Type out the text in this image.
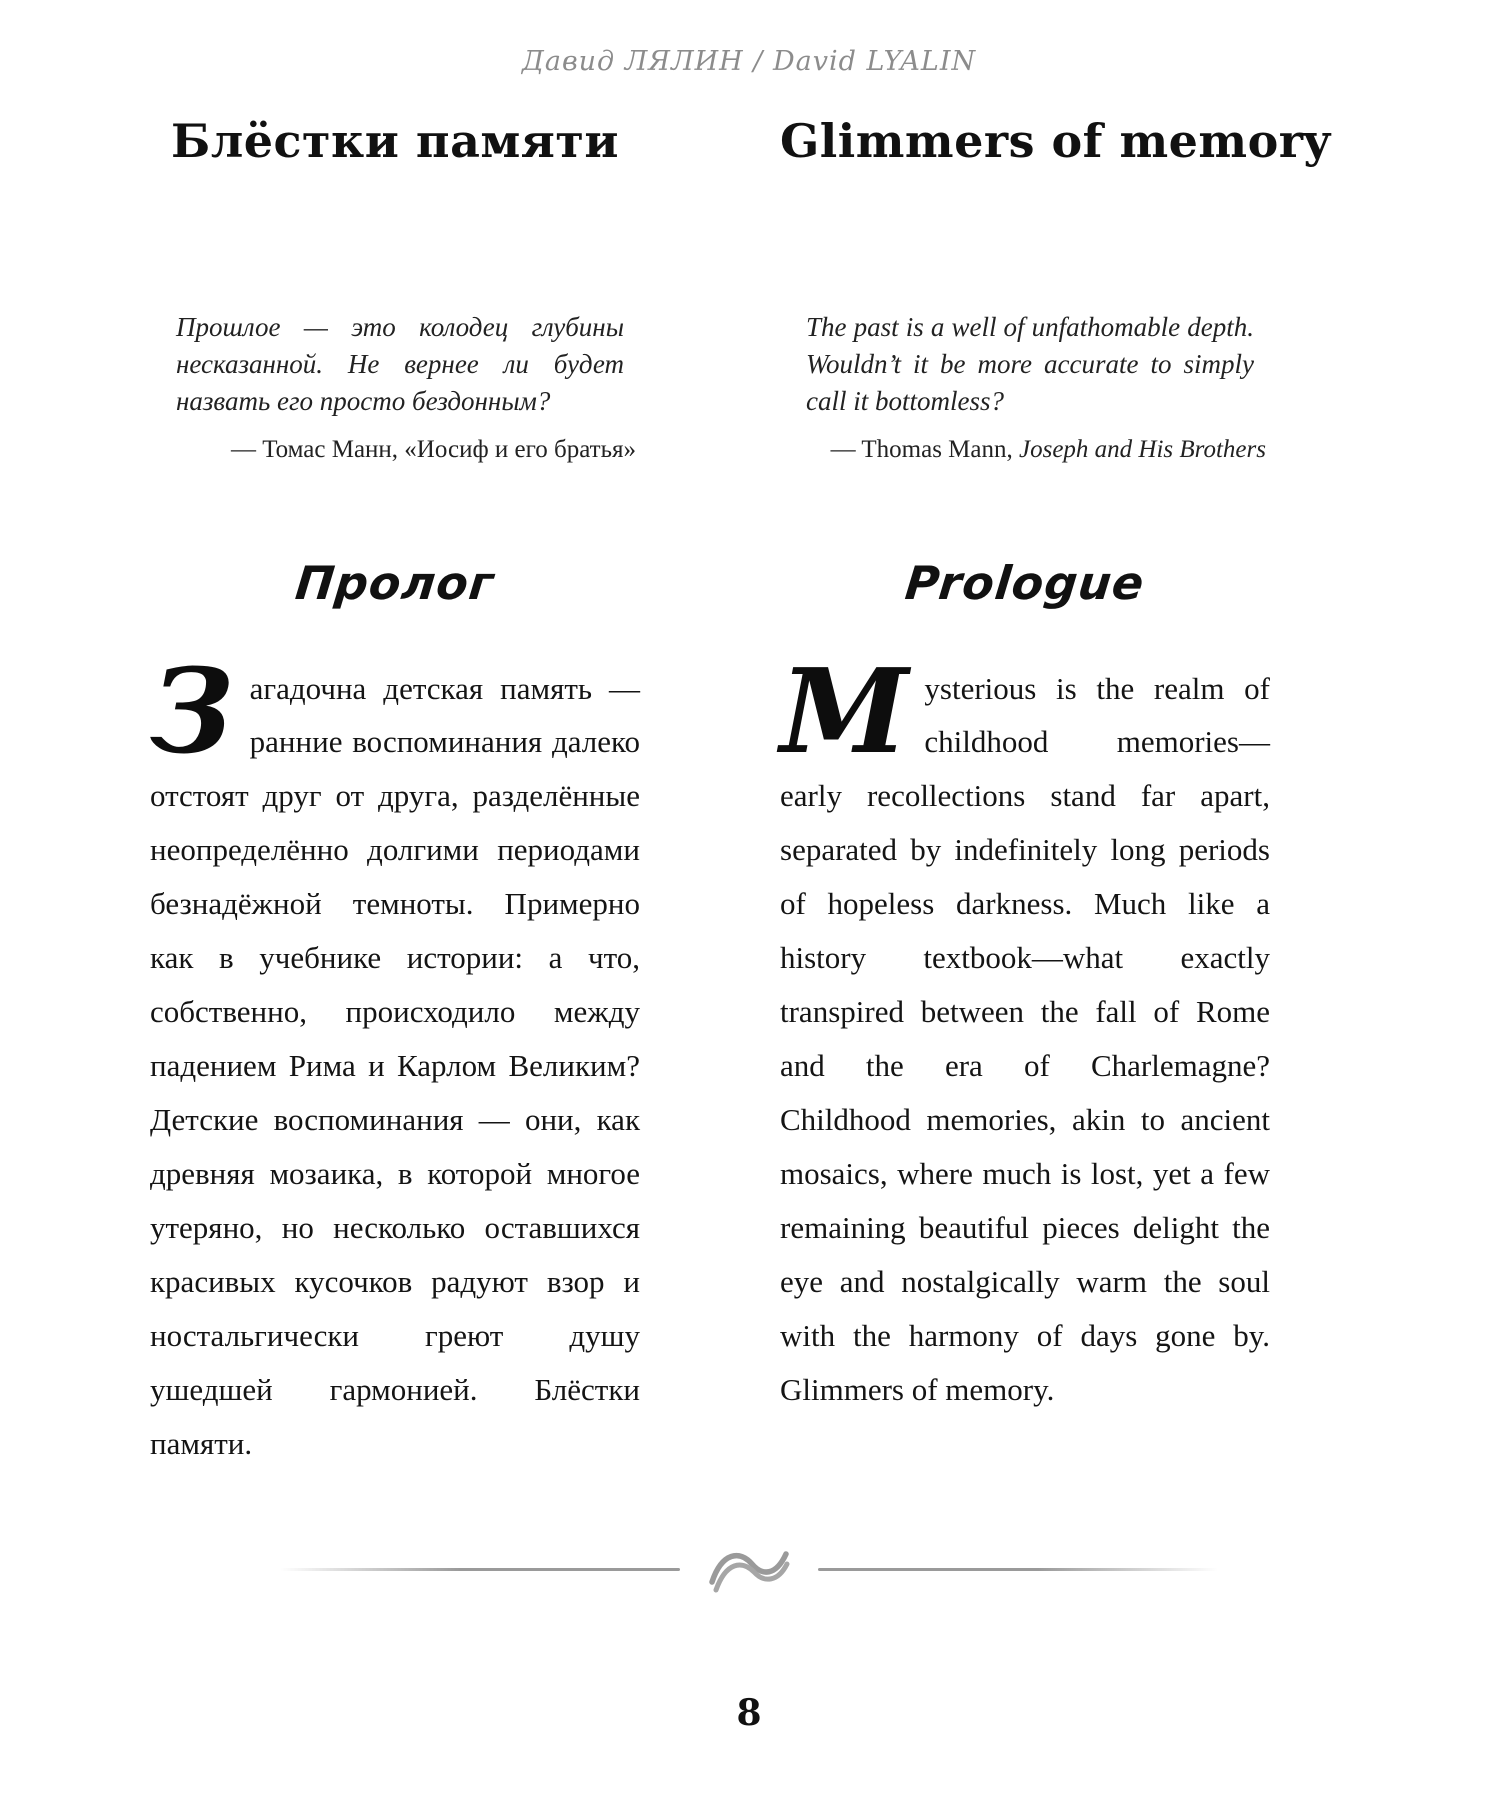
Давид ЛЯЛИН / David LYALIN
Блёстки памяти
Прошлое — это колодец глубины несказанной. Не вернее ли будет назвать его просто бездонным?
— Томас Манн, «Иосиф и его братья»
Пролог

Загадочна детская память — ранние воспоминания далеко отстоят друг от друга, разделённые неопределённо долгими периодами безнадёжной темноты. Примерно как в учебнике истории: а что, собственно, происходило между падением Рима и Карлом Великим? Детские воспоминания — они, как древняя мозаика, в которой многое утеряно, но несколько оставшихся красивых кусочков радуют взор и ностальгически греют душу ушедшей гармонией. Блёстки памяти.

Glimmers of memory
The past is a well of unfathomable depth. Wouldn’t it be more accurate to simply call it bottomless?
— Thomas Mann, Joseph and His Brothers
Prologue

Mysterious is the realm of childhood memories—early recollections stand far apart, separated by indefinitely long periods of hopeless darkness. Much like a history textbook—what exactly transpired between the fall of Rome and the era of Charlemagne? Childhood memories, akin to ancient mosaics, where much is lost, yet a few remaining beautiful pieces delight the eye and nostalgically warm the soul with the harmony of days gone by. Glimmers of memory.

8
